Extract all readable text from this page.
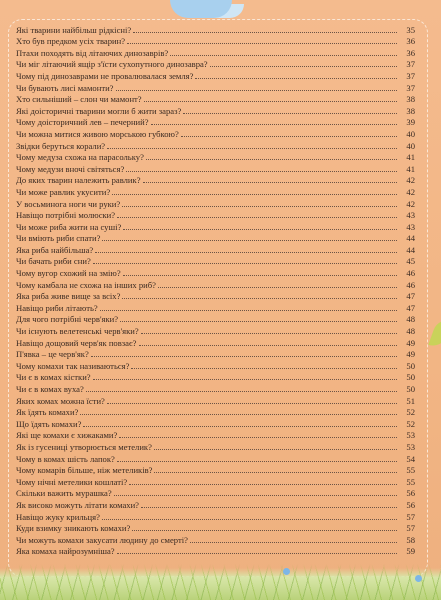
Які тварини найбільш рідкісні?	35
Хто був предком усіх тварин?	36
Птахи походять від літаючих динозаврів?	36
Чи міг літаючий ящір з'їсти сухопутного динозавра?	37
Чому під динозаврами не провалювалася земля?	37
Чи бувають лисі мамонти?	37
Хто сильніший – слон чи мамонт?	38
Які доісторичні тварини могли б жити зараз?	38
Чому доісторичний лев – печерний?	39
Чи можна митися живою морською губкою?	40
Звідки беруться корали?	40
Чому медуза схожа на парасольку?	41
Чому медузи вночі світяться?	41
До яких тварин належить равлик?	42
Чи може равлик укусити?	42
У восьминога ноги чи руки?	42
Навіщо потрібні молюски?	43
Чи може риба жити на суші?	43
Чи вміють риби спати?	44
Яка риба найбільша?	44
Чи бачать риби сни?	45
Чому вугор схожий на змію?	46
Чому камбала не схожа на інших риб?	46
Яка риба живе вище за всіх?	47
Навіщо риби літають?	47
Для чого потрібні черв'яки?	48
Чи існують велетенські черв'яки?	48
Навіщо дощовий черв'як повзає?	49
П'явка – це черв'як?	49
Чому комахи так називаються?	50
Чи є в комах кістки?	50
Чи є в комах вуха?	50
Яких комах можна їсти?	51
Як їдять комахи?	52
Що їдять комахи?	52
Які ще комахи є хижаками?	53
Як із гусениці утворюється метелик?	53
Чому в комах шість лапок?	54
Чому комарів більше, ніж метеликів?	55
Чому нічні метелики кошлаті?	55
Скільки важить мурашка?	56
Як високо можуть літати комахи?	56
Навіщо жуку крильця?	57
Куди взимку зникають комахи?	57
Чи можуть комахи закусати людину до смерті?	58
Яка комаха найрозумніша?	59
